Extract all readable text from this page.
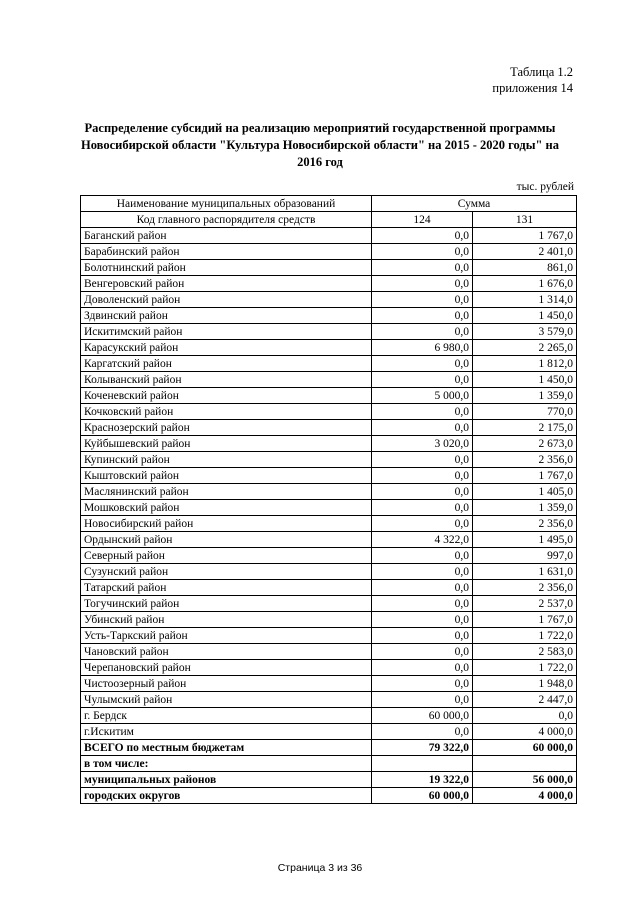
Таблица 1.2
приложения 14
Распределение субсидий на реализацию мероприятий государственной программы Новосибирской области "Культура Новосибирской области" на 2015 - 2020 годы" на 2016 год
тыс. рублей
Наименование муниципальных образований	Сумма	
Код главного распорядителя средств	124	131
Баганский район	0,0	1 767,0
Барабинский район	0,0	2 401,0
Болотнинский район	0,0	861,0
Венгеровский район	0,0	1 676,0
Доволенский район	0,0	1 314,0
Здвинский район	0,0	1 450,0
Искитимский район	0,0	3 579,0
Карасукский район	6 980,0	2 265,0
Каргатский район	0,0	1 812,0
Колыванский район	0,0	1 450,0
Коченевский район	5 000,0	1 359,0
Кочковский район	0,0	770,0
Краснозерский район	0,0	2 175,0
Куйбышевский район	3 020,0	2 673,0
Купинский район	0,0	2 356,0
Кыштовский район	0,0	1 767,0
Маслянинский район	0,0	1 405,0
Мошковский район	0,0	1 359,0
Новосибирский район	0,0	2 356,0
Ордынский район	4 322,0	1 495,0
Северный район	0,0	997,0
Сузунский район	0,0	1 631,0
Татарский район	0,0	2 356,0
Тогучинский район	0,0	2 537,0
Убинский район	0,0	1 767,0
Усть-Таркский район	0,0	1 722,0
Чановский район	0,0	2 583,0
Черепановский район	0,0	1 722,0
Чистоозерный район	0,0	1 948,0
Чулымский район	0,0	2 447,0
г. Бердск	60 000,0	0,0
г.Искитим	0,0	4 000,0
ВСЕГО по местным бюджетам	79 322,0	60 000,0
в том числе:		
муниципальных районов	19 322,0	56 000,0
городских округов	60 000,0	4 000,0
Страница 3 из 36
